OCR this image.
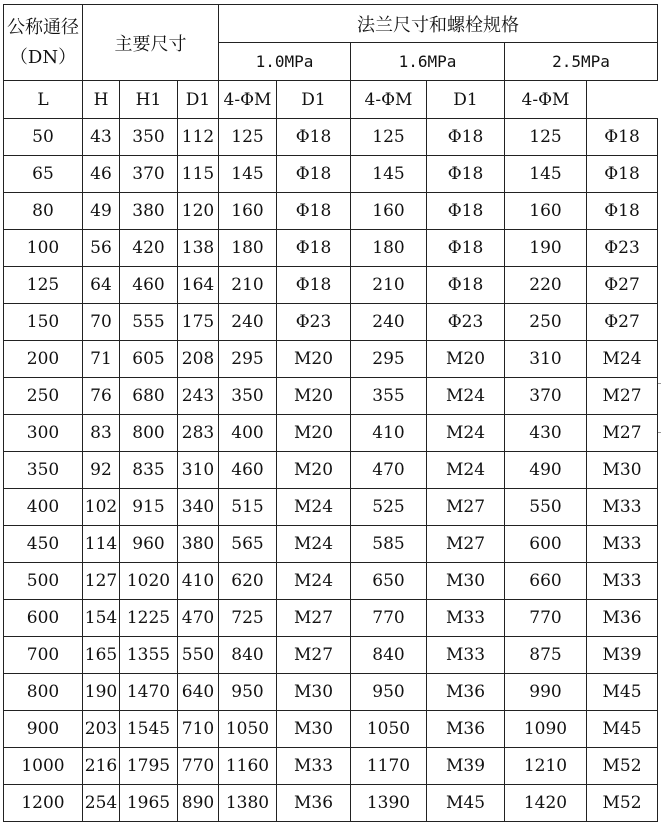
公称通径（DN）	主要尺寸			法兰尺寸和螺栓规格					
				1.0MPa		1.6MPa		2.5MPa	
L	H	H1	D1	4-ΦM	D1	4-ΦM	D1	4-ΦM	
50	43	350	112	125	Φ18	125	Φ18	125	Φ18
65	46	370	115	145	Φ18	145	Φ18	145	Φ18
80	49	380	120	160	Φ18	160	Φ18	160	Φ18
100	56	420	138	180	Φ18	180	Φ18	190	Φ23
125	64	460	164	210	Φ18	210	Φ18	220	Φ27
150	70	555	175	240	Φ23	240	Φ23	250	Φ27
200	71	605	208	295	M20	295	M20	310	M24
250	76	680	243	350	M20	355	M24	370	M27
300	83	800	283	400	M20	410	M24	430	M27
350	92	835	310	460	M20	470	M24	490	M30
400	102	915	340	515	M24	525	M27	550	M33
450	114	960	380	565	M24	585	M27	600	M33
500	127	1020	410	620	M24	650	M30	660	M33
600	154	1225	470	725	M27	770	M33	770	M36
700	165	1355	550	840	M27	840	M33	875	M39
800	190	1470	640	950	M30	950	M36	990	M45
900	203	1545	710	1050	M30	1050	M36	1090	M45
1000	216	1795	770	1160	M33	1170	M39	1210	M52
1200	254	1965	890	1380	M36	1390	M45	1420	M52
